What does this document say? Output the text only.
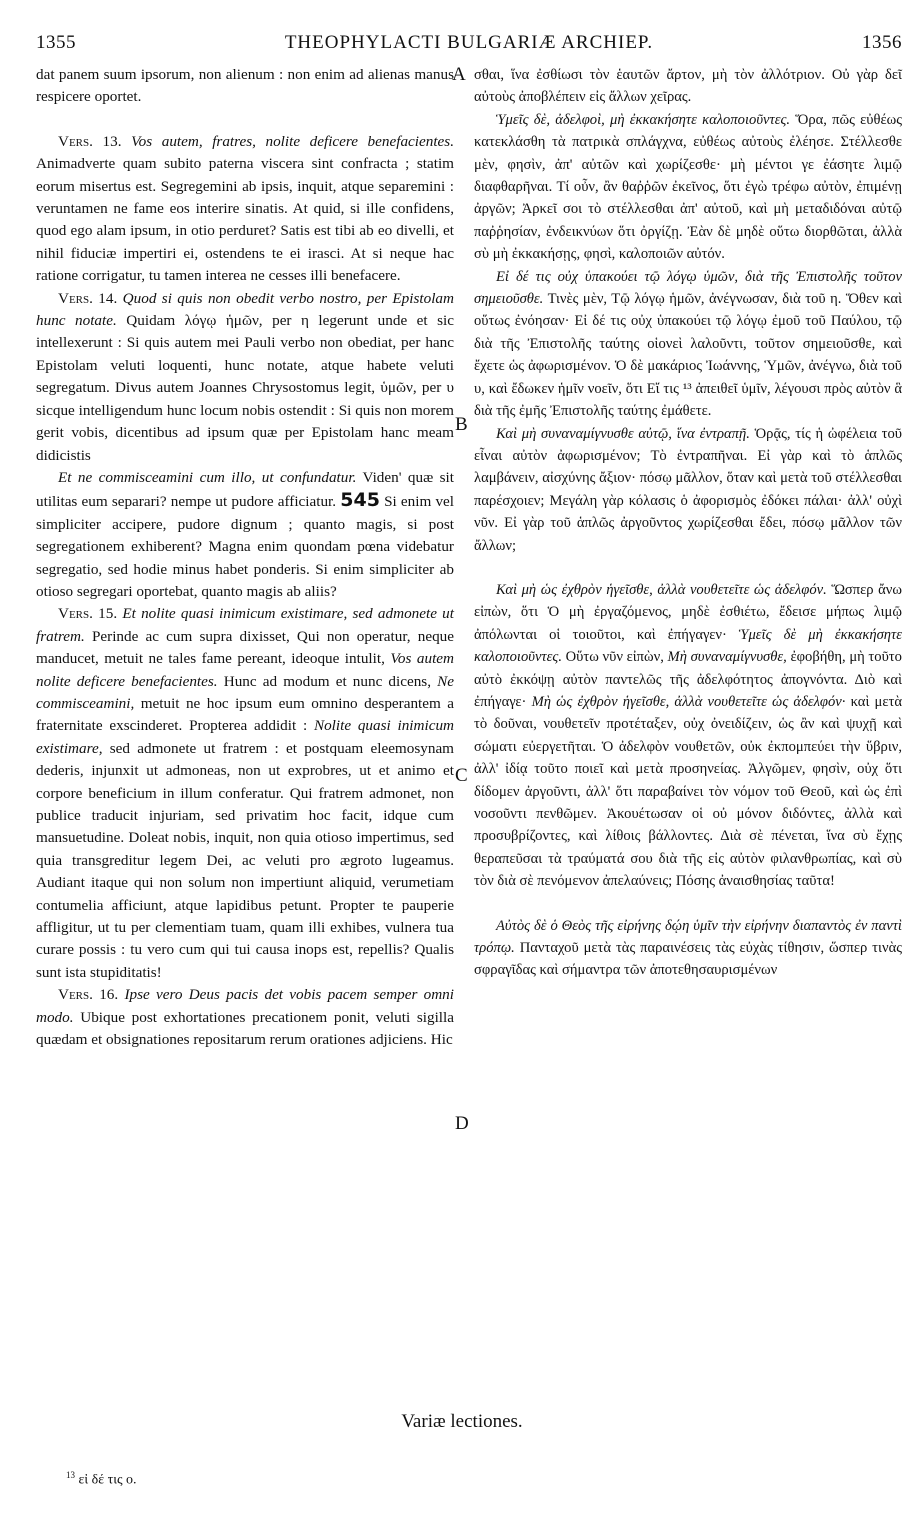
1355	THEOPHYLACTI BULGARIÆ ARCHIEP.	1356

dat panem suum ipsorum, non alienum : non enim ad alienas manus respicere oportet.

Vers. 13. Vos autem, fratres, nolite deficere benefacientes. Animadverte quam subito paterna viscera sint confracta ; statim eorum misertus est. Segregemini ab ipsis, inquit, atque separemini : veruntamen ne fame eos interire sinatis. At quid, si ille confidens, quod ego alam ipsum, in otio perduret? Satis est tibi ab eo divelli, et nihil fiduciæ impertiri ei, ostendens te ei irasci. At si neque hac ratione corrigatur, tu tamen interea ne cesses illi benefacere.

Vers. 14. Quod si quis non obedit verbo nostro, per Epistolam hunc notate. Quidam λόγῳ ἡμῶν, per η legerunt unde et sic intellexerunt : Si quis autem mei Pauli verbo non obediat, per hanc Epistolam veluti loquenti, hunc notate, atque habete veluti segregatum. Divus autem Joannes Chrysostomus legit, ὑμῶν, per υ sicque intelligendum hunc locum nobis ostendit : Si quis non morem gerit vobis, dicentibus ad ipsum quæ per Epistolam hanc meam didicistis

Et ne commisceamini cum illo, ut confundatur. Viden' quæ sit utilitas eum separari? nempe ut pudore afficiatur. 545 Si enim vel simpliciter accipere, pudore dignum ; quanto magis, si post segregationem exhiberent? Magna enim quondam pœna videbatur segregatio, sed hodie minus habet ponderis. Si enim simpliciter ab otioso segregari oportebat, quanto magis ab aliis?

Vers. 15. Et nolite quasi inimicum existimare, sed admonete ut fratrem. Perinde ac cum supra dixisset, Qui non operatur, neque manducet, metuit ne tales fame pereant, ideoque intulit, Vos autem nolite deficere benefacientes. Hunc ad modum et nunc dicens, Ne commisceamini, metuit ne hoc ipsum eum omnino desperantem a fraternitate exscinderet. Propterea addidit : Nolite quasi inimicum existimare, sed admonete ut fratrem : et postquam eleemosynam dederis, injunxit ut admoneas, non ut exprobres, ut et animo et corpore beneficium in illum conferatur. Qui fratrem admonet, non publice traducit injuriam, sed privatim hoc facit, idque cum mansuetudine. Doleat nobis, inquit, non quia otioso impertimus, sed quia transgreditur legem Dei, ac veluti pro ægroto lugeamus. Audiant itaque qui non solum non impertiunt aliquid, verumetiam contumelia afficiunt, atque lapidibus petunt. Propter te pauperie affligitur, ut tu per clementiam tuam, quam illi exhibes, vulnera tua curare possis : tu vero cum qui tui causa inops est, repellis? Qualis sunt ista stupiditatis!

Vers. 16. Ipse vero Deus pacis det vobis pacem semper omni modo. Ubique post exhortationes precationem ponit, veluti sigilla quædam et obsignationes repositarum rerum orationes adjiciens. Hic

A
B
C
D

σθαι, ἵνα ἐσθίωσι τὸν ἑαυτῶν ἄρτον, μὴ τὸν ἀλλότριον. Οὐ γὰρ δεῖ αὐτοὺς ἀποβλέπειν εἰς ἄλλων χεῖρας.

Ὑμεῖς δὲ, ἀδελφοὶ, μὴ ἐκκακήσητε καλοποιοῦντες. Ὅρα, πῶς εὐθέως κατεκλάσθη τὰ πατρικὰ σπλάγχνα, εὐθέως αὐτοὺς ἐλέησε. Στέλλεσθε μὲν, φησὶν, ἀπ' αὐτῶν καὶ χωρίζεσθε· μὴ μέντοι γε ἐάσητε λιμῷ διαφθαρῆναι. Τί οὖν, ἂν θαῤῥῶν ἐκεῖνος, ὅτι ἐγὼ τρέφω αὐτὸν, ἐπιμένῃ ἀργῶν; Ἀρκεῖ σοι τὸ στέλλεσθαι ἀπ' αὐτοῦ, καὶ μὴ μεταδιδόναι αὐτῷ παῤῥησίαν, ἐνδεικνύων ὅτι ὀργίζῃ. Ἐὰν δὲ μηδὲ οὕτω διορθῶται, ἀλλὰ σὺ μὴ ἐκκακήσῃς, φησὶ, καλοποιῶν αὐτόν.

Εἰ δέ τις οὐχ ὑπακούει τῷ λόγῳ ὑμῶν, διὰ τῆς Ἐπιστολῆς τοῦτον σημειοῦσθε. Τινὲς μὲν, Τῷ λόγῳ ἡμῶν, ἀνέγνωσαν, διὰ τοῦ η. Ὅθεν καὶ οὕτως ἐνόησαν· Εἰ δέ τις οὐχ ὑπακούει τῷ λόγῳ ἐμοῦ τοῦ Παύλου, τῷ διὰ τῆς Ἐπιστολῆς ταύτης οἱονεὶ λαλοῦντι, τοῦτον σημειοῦσθε, καὶ ἔχετε ὡς ἀφωρισμένον. Ὁ δὲ μακάριος Ἰωάννης, Ὑμῶν, ἀνέγνω, διὰ τοῦ υ, καὶ ἔδωκεν ἡμῖν νοεῖν, ὅτι Εἴ τις ¹³ ἀπειθεῖ ὑμῖν, λέγουσι πρὸς αὐτὸν ἃ διὰ τῆς ἐμῆς Ἐπιστολῆς ταύτης ἐμάθετε.

Καὶ μὴ συναναμίγνυσθε αὐτῷ, ἵνα ἐντραπῇ. Ὁρᾷς, τίς ἡ ὠφέλεια τοῦ εἶναι αὐτὸν ἀφωρισμένον; Τὸ ἐντραπῆναι. Εἰ γὰρ καὶ τὸ ἁπλῶς λαμβάνειν, αἰσχύνης ἄξιον· πόσῳ μᾶλλον, ὅταν καὶ μετὰ τοῦ στέλλεσθαι παρέσχοιεν; Μεγάλη γὰρ κόλασις ὁ ἀφορισμὸς ἐδόκει πάλαι· ἀλλ' οὐχὶ νῦν. Εἰ γὰρ τοῦ ἁπλῶς ἀργοῦντος χωρίζεσθαι ἔδει, πόσῳ μᾶλλον τῶν ἄλλων;

Καὶ μὴ ὡς ἐχθρὸν ἡγεῖσθε, ἀλλὰ νουθετεῖτε ὡς ἀδελφόν. Ὥσπερ ἄνω εἰπὼν, ὅτι Ὁ μὴ ἐργαζόμενος, μηδὲ ἐσθιέτω, ἔδεισε μήπως λιμῷ ἀπόλωνται οἱ τοιοῦτοι, καὶ ἐπήγαγεν· Ὑμεῖς δὲ μὴ ἐκκακήσητε καλοποιοῦντες. Οὕτω νῦν εἰπὼν, Μὴ συναναμίγνυσθε, ἐφοβήθη, μὴ τοῦτο αὐτὸ ἐκκόψῃ αὐτὸν παντελῶς τῆς ἀδελφότητος ἀπογνόντα. Διὸ καὶ ἐπήγαγε· Μὴ ὡς ἐχθρὸν ἡγεῖσθε, ἀλλὰ νουθετεῖτε ὡς ἀδελφόν· καὶ μετὰ τὸ δοῦναι, νουθετεῖν προτέταξεν, οὐχ ὀνειδίζειν, ὡς ἂν καὶ ψυχῇ καὶ σώματι εὐεργετῆται. Ὁ ἀδελφὸν νουθετῶν, οὐκ ἐκπομπεύει τὴν ὕβριν, ἀλλ' ἰδίᾳ τοῦτο ποιεῖ καὶ μετὰ προσηνείας. Ἀλγῶμεν, φησὶν, οὐχ ὅτι δίδομεν ἀργοῦντι, ἀλλ' ὅτι παραβαίνει τὸν νόμον τοῦ Θεοῦ, καὶ ὡς ἐπὶ νοσοῦντι πενθῶμεν. Ἀκουέτωσαν οἱ οὐ μόνον διδόντες, ἀλλὰ καὶ προσυβρίζοντες, καὶ λίθοις βάλλοντες. Διὰ σὲ πένεται, ἵνα σὺ ἔχῃς θεραπεῦσαι τὰ τραύματά σου διὰ τῆς εἰς αὐτὸν φιλανθρωπίας, καὶ σὺ τὸν διὰ σὲ πενόμενον ἀπελαύνεις; Πόσης ἀναισθησίας ταῦτα!

Αὐτὸς δὲ ὁ Θεὸς τῆς εἰρήνης δῴη ὑμῖν τὴν εἰρήνην διαπαντὸς ἐν παντὶ τρόπῳ. Πανταχοῦ μετὰ τὰς παραινέσεις τὰς εὐχὰς τίθησιν, ὥσπερ τινὰς σφραγῖδας καὶ σήμαντρα τῶν ἀποτεθησαυρισμένων

Variæ lectiones.
$^{13}$ εἰ δέ τις ο.
